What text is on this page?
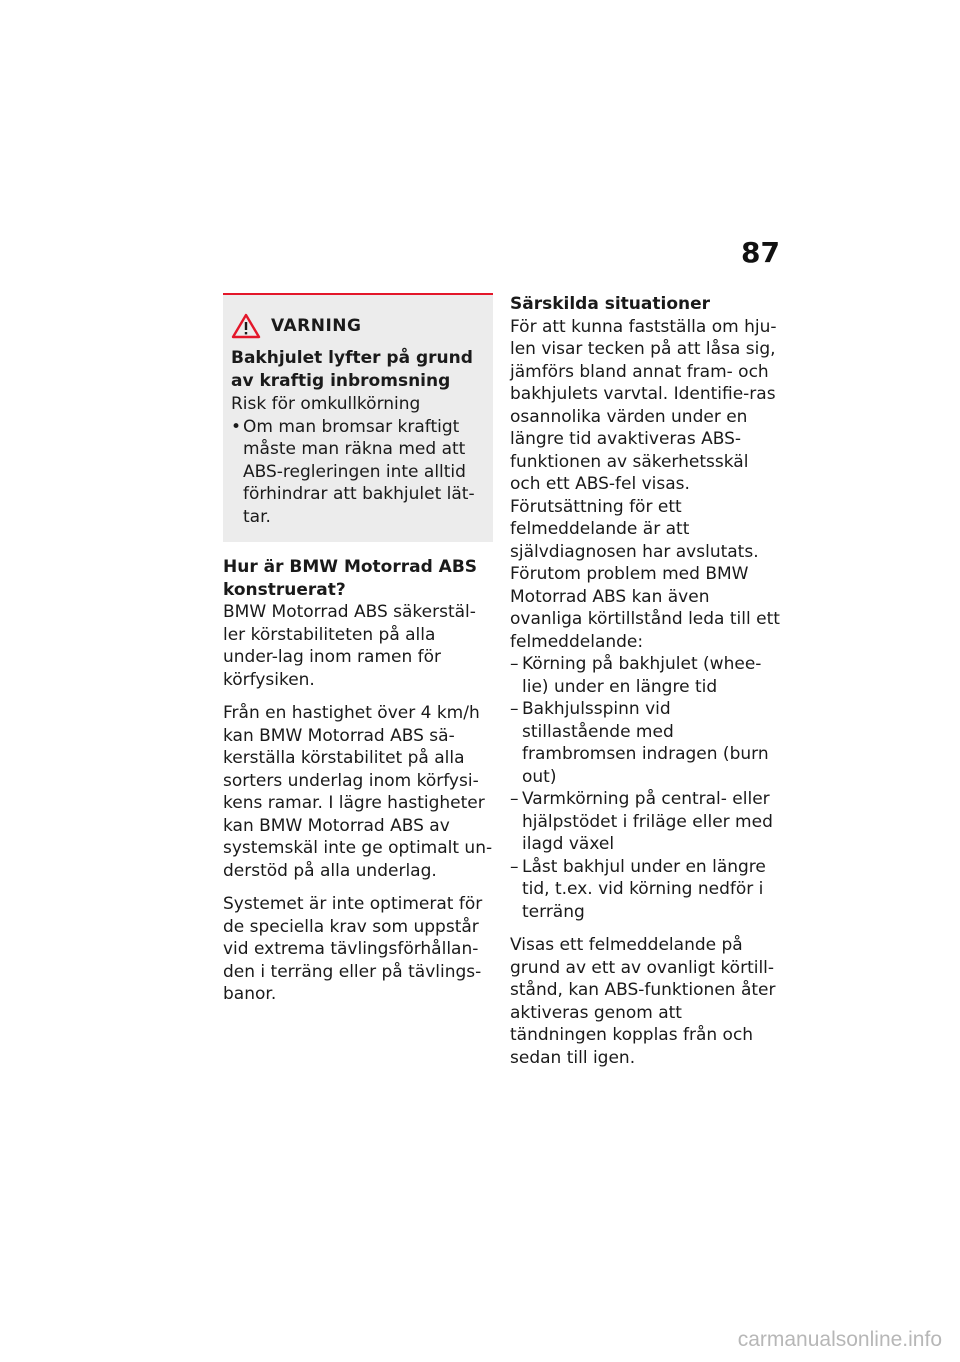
87
VARNING
Bakhjulet lyfter på grund av kraftig inbromsning
Risk för omkullkörning
• Om man bromsar kraftigt måste man räkna med att ABS-regleringen inte alltid förhindrar att bakhjulet lät-tar.
Hur är BMW Motorrad ABS konstruerat?

BMW Motorrad ABS säkerstäl-ler körstabiliteten på alla under-lag inom ramen för körfysiken.

Från en hastighet över 4 km/h kan BMW Motorrad ABS sä-kerställa körstabilitet på alla sorters underlag inom körfysi-kens ramar. I lägre hastigheter kan BMW Motorrad ABS av systemskäl inte ge optimalt un-derstöd på alla underlag.

Systemet är inte optimerat för de speciella krav som uppstår vid extrema tävlingsförhållan-den i terräng eller på tävlings-banor.

Särskilda situationer
För att kunna fastställa om hju-len visar tecken på att låsa sig, jämförs bland annat fram- och bakhjulets varvtal. Identifie-ras osannolika värden under en längre tid avaktiveras ABS-funktionen av säkerhetsskäl och ett ABS-fel visas. Förutsättning för ett felmeddelande är att självdiagnosen har avslutats.
Förutom problem med BMW Motorrad ABS kan även ovanliga körtillstånd leda till ett felmeddelande:
– Körning på bakhjulet (whee-lie) under en längre tid
– Bakhjulsspinn vid stillastående med frambromsen indragen (burn out)
– Varmkörning på central- eller hjälpstödet i friläge eller med ilagd växel
– Låst bakhjul under en längre tid, t.ex. vid körning nedför i terräng

Visas ett felmeddelande på grund av ett av ovanligt körtill-stånd, kan ABS-funktionen åter aktiveras genom att tändningen kopplas från och sedan till igen.

carmanualsonline.info
